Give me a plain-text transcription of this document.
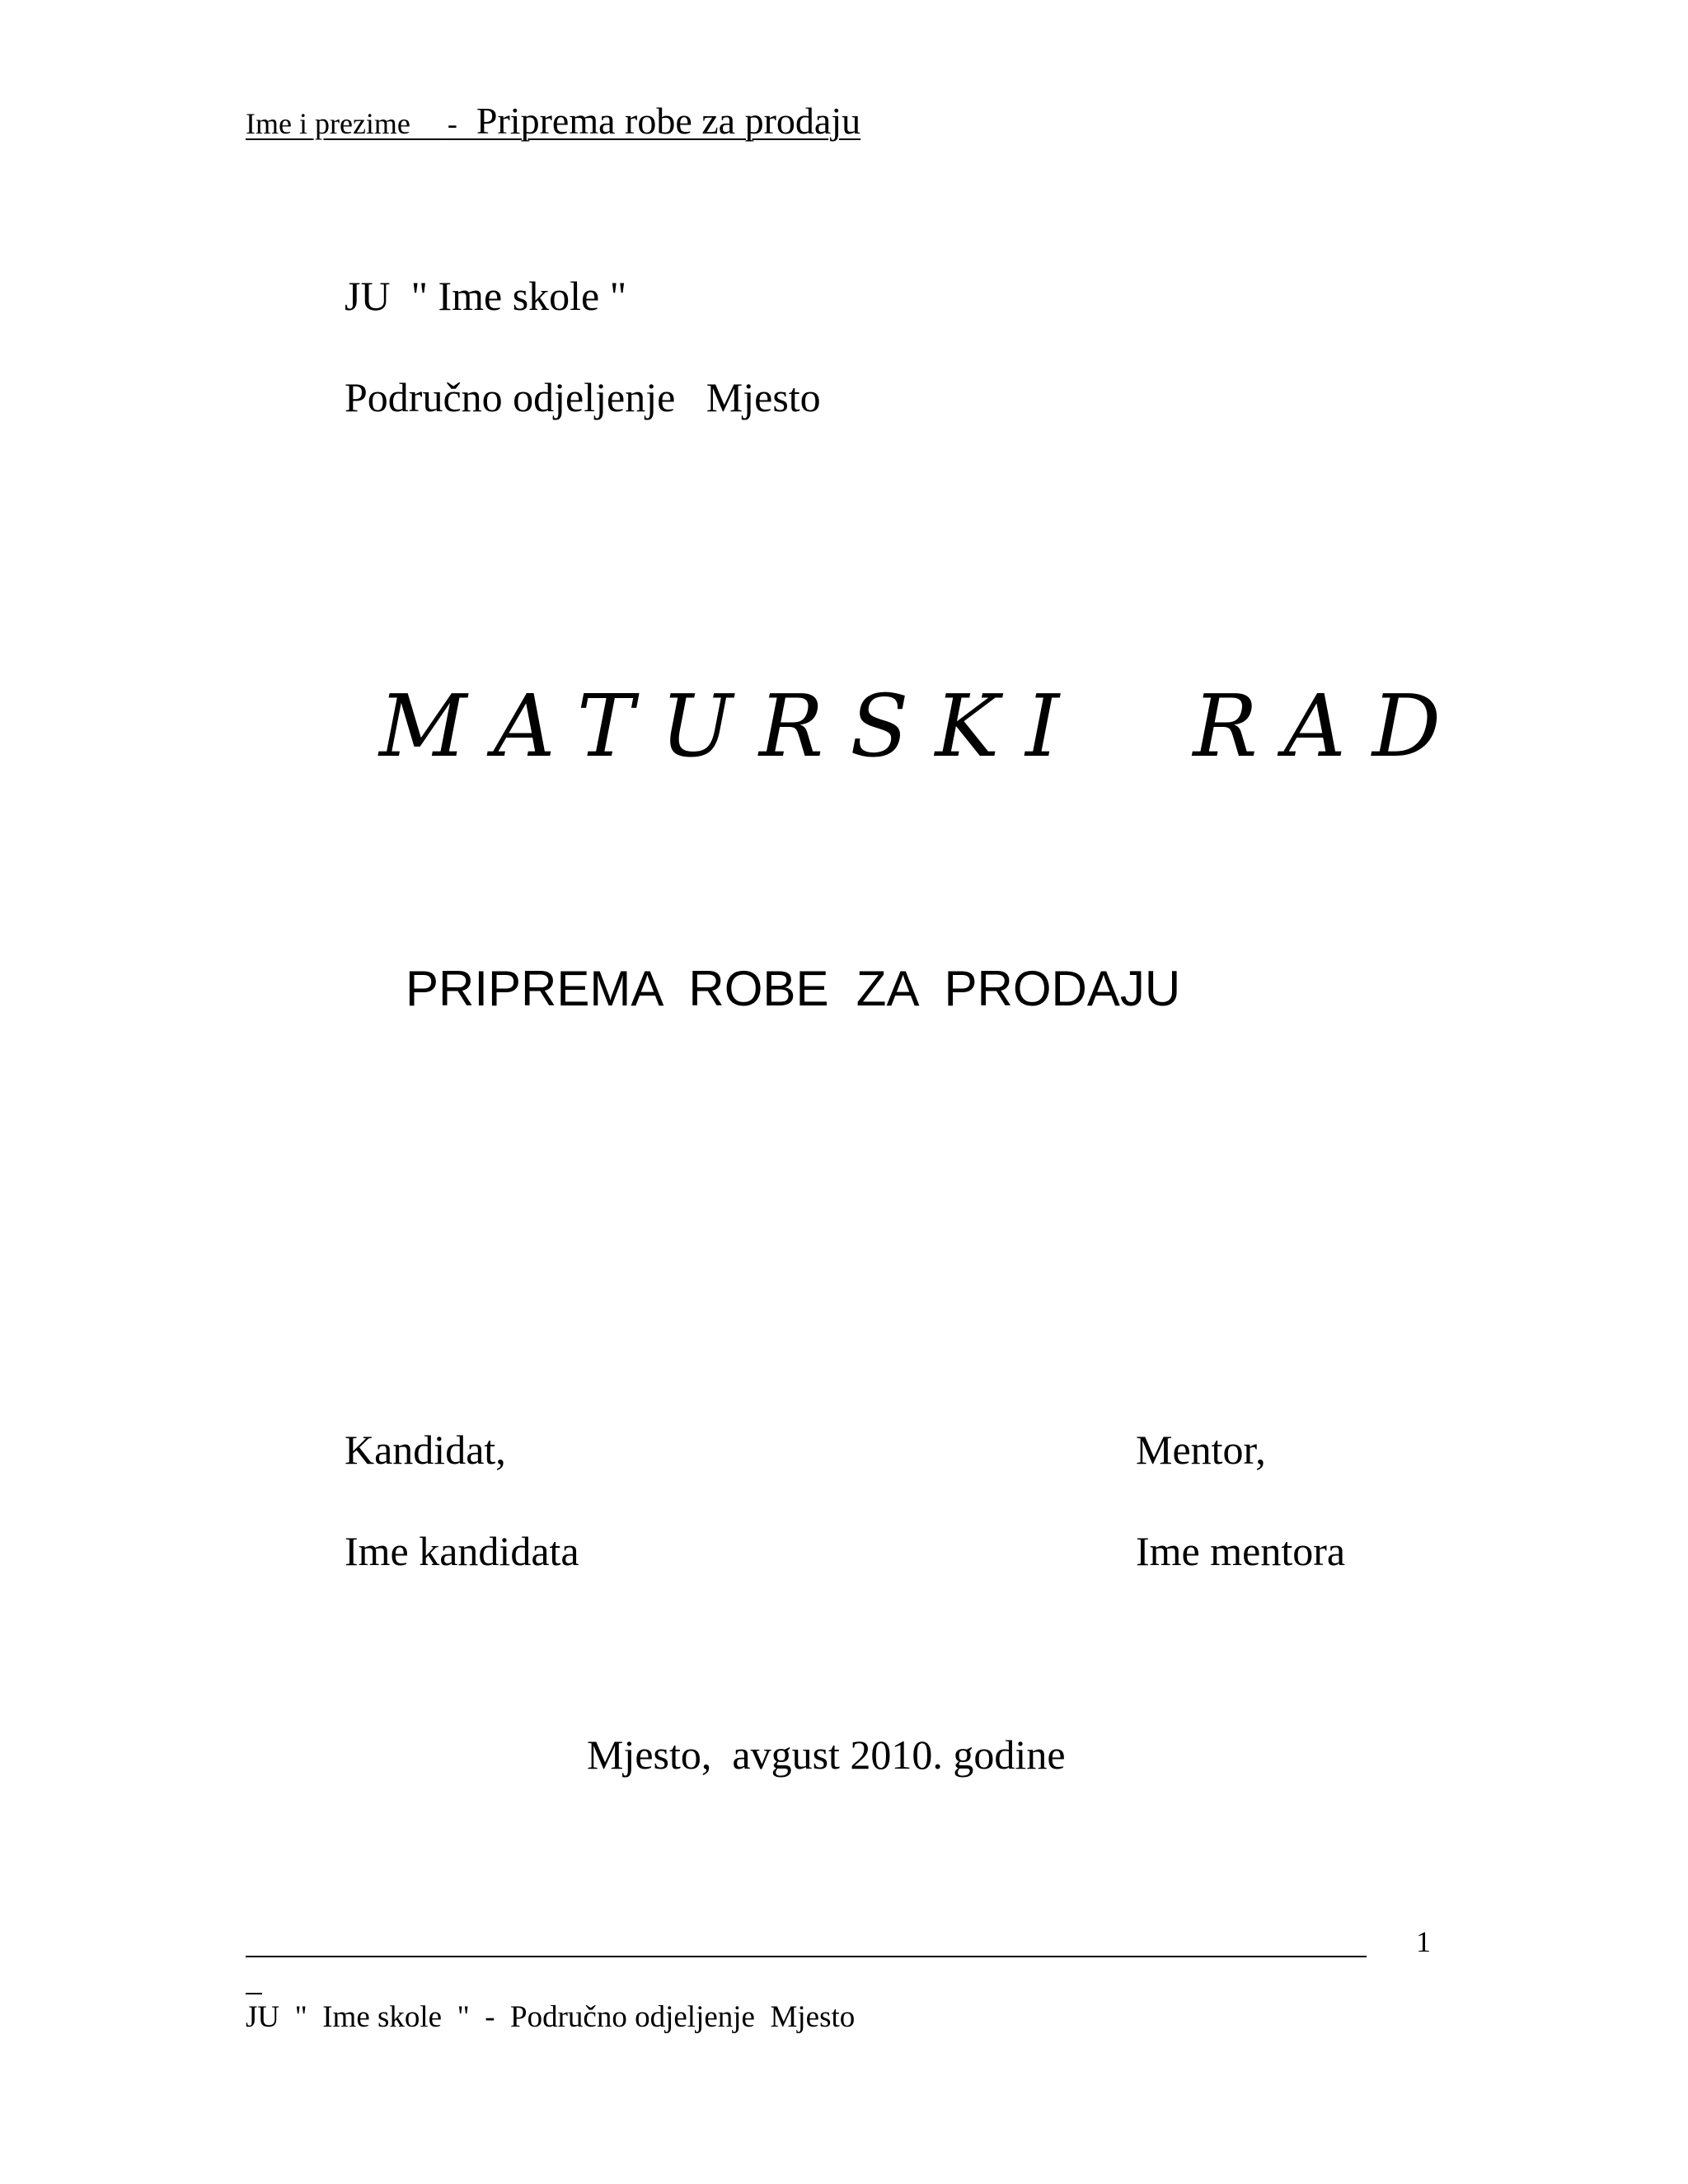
Ime i prezime - Priprema robe za prodaju
JU  " Ime skole "
Područno odjeljenje   Mjesto
MATURSKI  RAD
PRIPREMA  ROBE  ZA  PRODAJU
Kandidat,
Ime kandidata
Mentor,
Ime mentora
Mjesto,  avgust 2010. godine
1
JU  "  Ime skole  "  -  Područno odjeljenje  Mjesto
